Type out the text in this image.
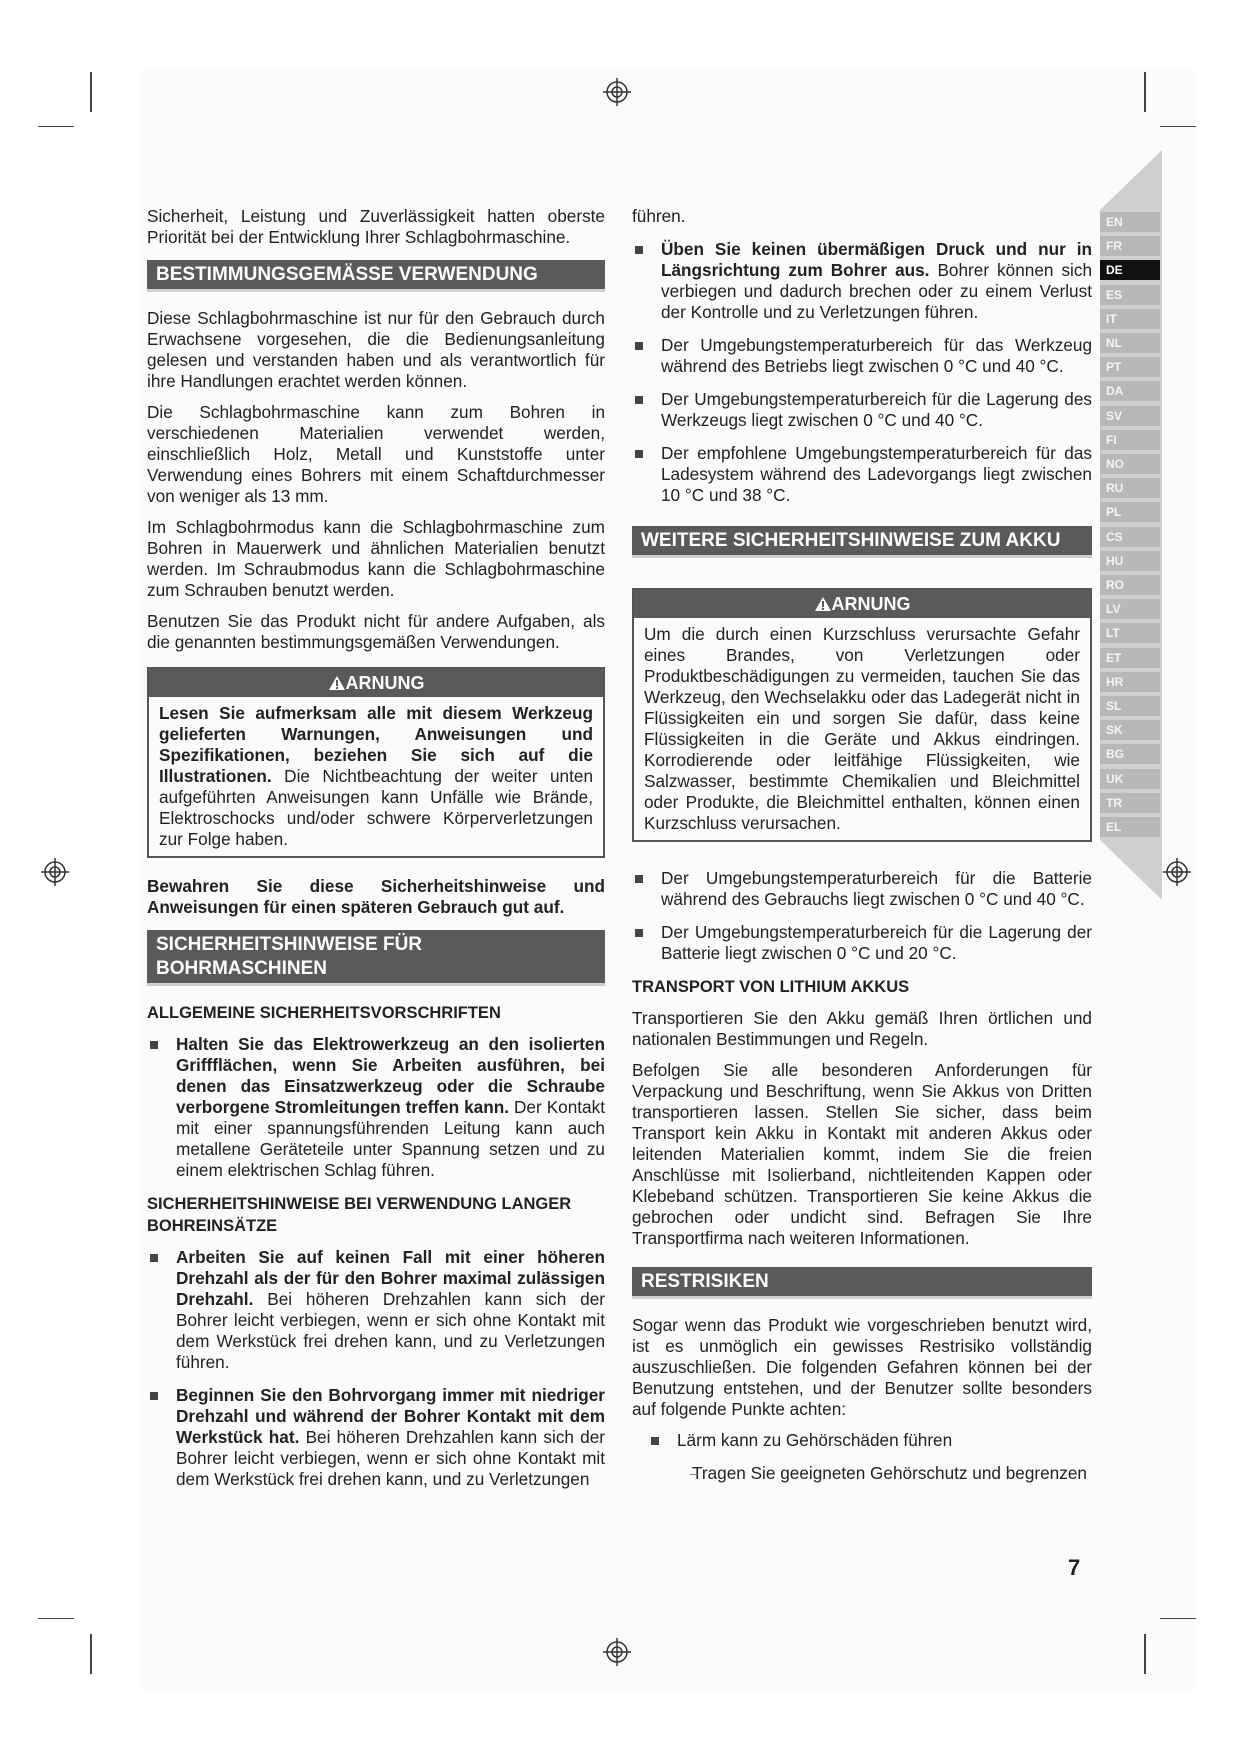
EN
FR
DE
ES
IT
NL
PT
DA
SV
FI
NO
RU
PL
CS
HU
RO
LV
LT
ET
HR
SL
SK
BG
UK
TR
EL

Sicherheit, Leistung und Zuverlässigkeit hatten oberste Priorität bei der Entwicklung Ihrer Schlagbohrmaschine.

BESTIMMUNGSGEMÄSSE VERWENDUNG

Diese Schlagbohrmaschine ist nur für den Gebrauch durch Erwachsene vorgesehen, die die Bedienungsanleitung gelesen und verstanden haben und als verantwortlich für ihre Handlungen erachtet werden können.

Die Schlagbohrmaschine kann zum Bohren in verschiedenen Materialien verwendet werden, einschließlich Holz, Metall und Kunststoffe unter Verwendung eines Bohrers mit einem Schaftdurchmesser von weniger als 13 mm.

Im Schlagbohrmodus kann die Schlagbohrmaschine zum Bohren in Mauerwerk und ähnlichen Materialien benutzt werden. Im Schraubmodus kann die Schlagbohrmaschine zum Schrauben benutzt werden.

Benutzen Sie das Produkt nicht für andere Aufgaben, als die genannten bestimmungsgemäßen Verwendungen.

ARNUNG
Lesen Sie aufmerksam alle mit diesem Werkzeug gelieferten Warnungen, Anweisungen und Spezifikationen, beziehen Sie sich auf die Illustrationen. Die Nichtbeachtung der weiter unten aufgeführten Anweisungen kann Unfälle wie Brände, Elektroschocks und/oder schwere Körperverletzungen zur Folge haben.

Bewahren Sie diese Sicherheitshinweise und Anweisungen für einen späteren Gebrauch gut auf.

SICHERHEITSHINWEISE FÜR BOHRMASCHINEN
ALLGEMEINE SICHERHEITSVORSCHRIFTEN
Halten Sie das Elektrowerkzeug an den isolierten Griffflächen, wenn Sie Arbeiten ausführen, bei denen das Einsatzwerkzeug oder die Schraube verborgene Stromleitungen treffen kann. Der Kontakt mit einer spannungsführenden Leitung kann auch metallene Geräteteile unter Spannung setzen und zu einem elektrischen Schlag führen.
SICHERHEITSHINWEISE BEI VERWENDUNG LANGER BOHREINSÄTZE
Arbeiten Sie auf keinen Fall mit einer höheren Drehzahl als der für den Bohrer maximal zulässigen Drehzahl. Bei höheren Drehzahlen kann sich der Bohrer leicht verbiegen, wenn er sich ohne Kontakt mit dem Werkstück frei drehen kann, und zu Verletzungen führen.
Beginnen Sie den Bohrvorgang immer mit niedriger Drehzahl und während der Bohrer Kontakt mit dem Werkstück hat. Bei höheren Drehzahlen kann sich der Bohrer leicht verbiegen, wenn er sich ohne Kontakt mit dem Werkstück frei drehen kann, und zu Verletzungen

führen.

Üben Sie keinen übermäßigen Druck und nur in Längsrichtung zum Bohrer aus. Bohrer können sich verbiegen und dadurch brechen oder zu einem Verlust der Kontrolle und zu Verletzungen führen.
Der Umgebungstemperaturbereich für das Werkzeug während des Betriebs liegt zwischen 0 °C und 40 °C.
Der Umgebungstemperaturbereich für die Lagerung des Werkzeugs liegt zwischen 0 °C und 40 °C.
Der empfohlene Umgebungstemperaturbereich für das Ladesystem während des Ladevorgangs liegt zwischen 10 °C und 38 °C.
WEITERE SICHERHEITSHINWEISE ZUM AKKU
ARNUNG
Um die durch einen Kurzschluss verursachte Gefahr eines Brandes, von Verletzungen oder Produktbeschädigungen zu vermeiden, tauchen Sie das Werkzeug, den Wechselakku oder das Ladegerät nicht in Flüssigkeiten ein und sorgen Sie dafür, dass keine Flüssigkeiten in die Geräte und Akkus eindringen. Korrodierende oder leitfähige Flüssigkeiten, wie Salzwasser, bestimmte Chemikalien und Bleichmittel oder Produkte, die Bleichmittel enthalten, können einen Kurzschluss verursachen.
Der Umgebungstemperaturbereich für die Batterie während des Gebrauchs liegt zwischen 0 °C und 40 °C.
Der Umgebungstemperaturbereich für die Lagerung der Batterie liegt zwischen 0 °C und 20 °C.
TRANSPORT VON LITHIUM AKKUS

Transportieren Sie den Akku gemäß Ihren örtlichen und nationalen Bestimmungen und Regeln.

Befolgen Sie alle besonderen Anforderungen für Verpackung und Beschriftung, wenn Sie Akkus von Dritten transportieren lassen. Stellen Sie sicher, dass beim Transport kein Akku in Kontakt mit anderen Akkus oder leitenden Materialien kommt, indem Sie die freien Anschlüsse mit Isolierband, nichtleitenden Kappen oder Klebeband schützen. Transportieren Sie keine Akkus die gebrochen oder undicht sind. Befragen Sie Ihre Transportfirma nach weiteren Informationen.

RESTRISIKEN

Sogar wenn das Produkt wie vorgeschrieben benutzt wird, ist es unmöglich ein gewisses Restrisiko vollständig auszuschließen. Die folgenden Gefahren können bei der Benutzung entstehen, und der Benutzer sollte besonders auf folgende Punkte achten:

Lärm kann zu Gehörschäden führen
– Tragen Sie geeigneten Gehörschutz und begrenzen
7
